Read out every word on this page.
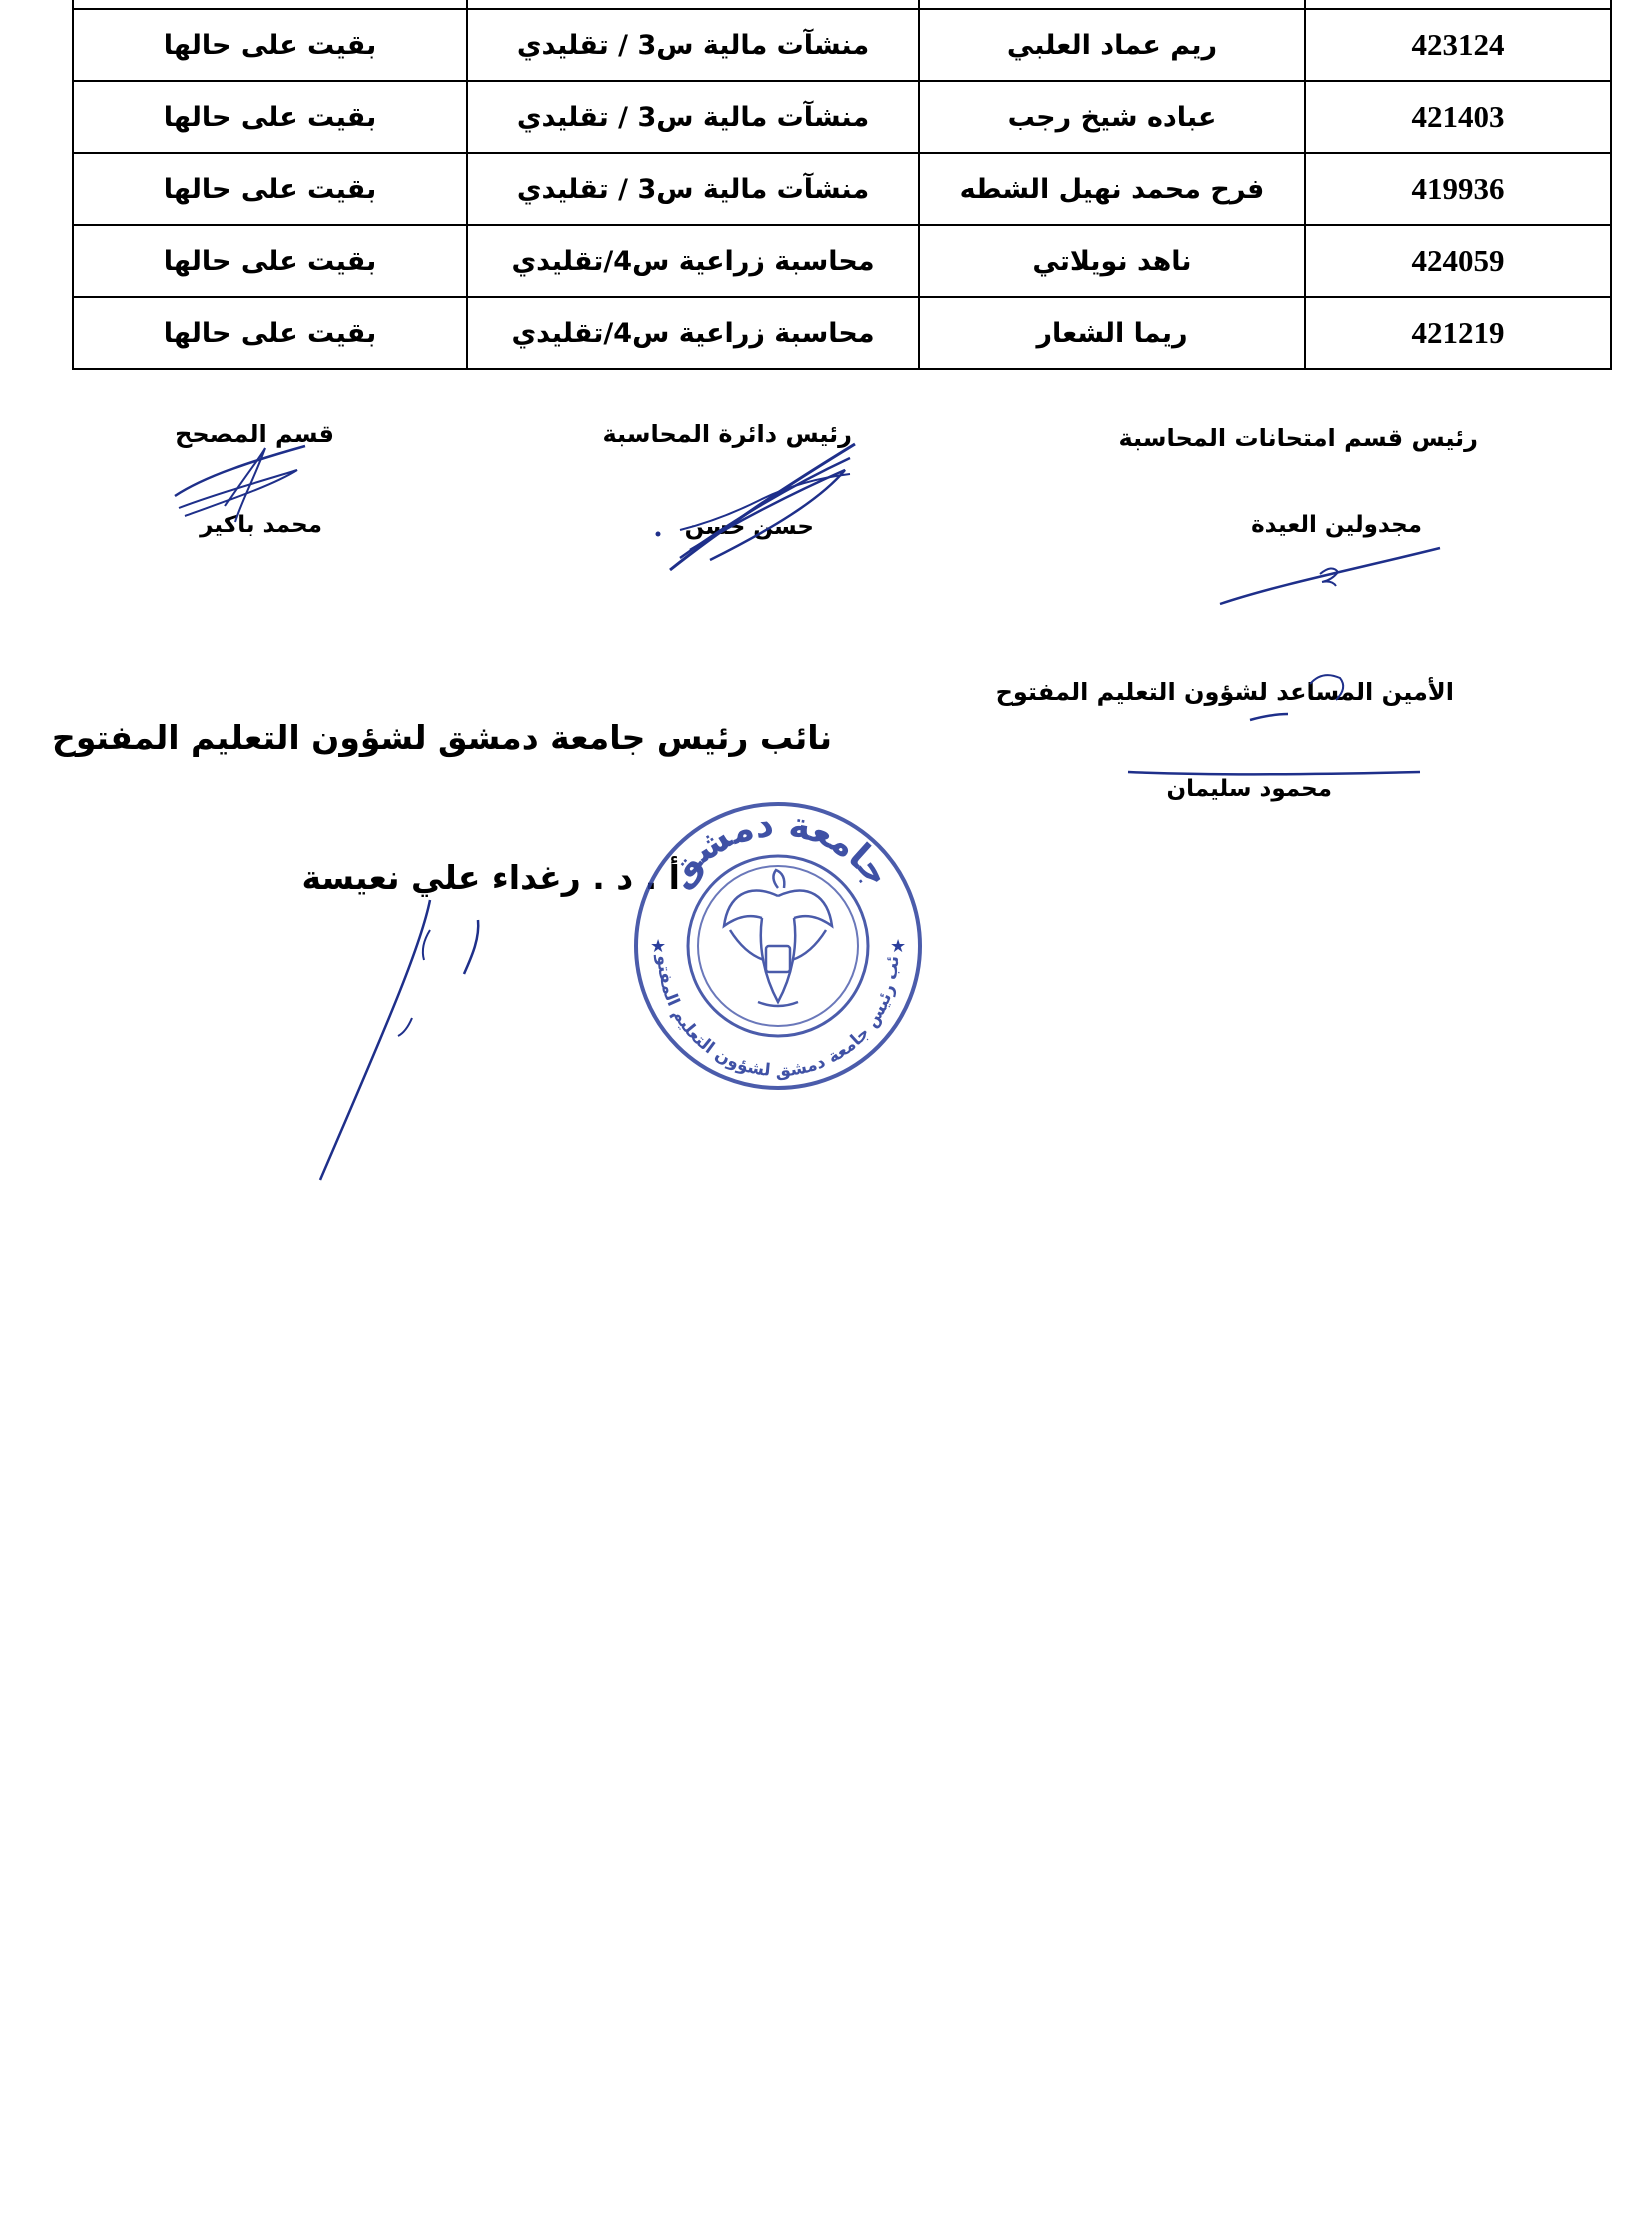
423124	ريم عماد العلبي	منشآت مالية س3 / تقليدي	بقيت على حالها
421403	عباده شيخ رجب	منشآت مالية س3 / تقليدي	بقيت على حالها
419936	فرح محمد نهيل الشطه	منشآت مالية س3 / تقليدي	بقيت على حالها
424059	ناهد نويلاتي	محاسبة زراعية س4/تقليدي	بقيت على حالها
421219	ريما الشعار	محاسبة زراعية س4/تقليدي	بقيت على حالها
رئيس قسم امتحانات المحاسبة
مجدولين العيدة
رئيس دائرة المحاسبة
حسن حسن
قسم المصحح
محمد باكير
الأمين المساعد لشؤون التعليم المفتوح
محمود سليمان
نائب رئيس جامعة دمشق لشؤون التعليم المفتوح
أ . د . رغداء علي نعيسة
جامعة دمشق
نائب رئيس جامعة دمشق لشؤون التعليم المفتوح
★	★
